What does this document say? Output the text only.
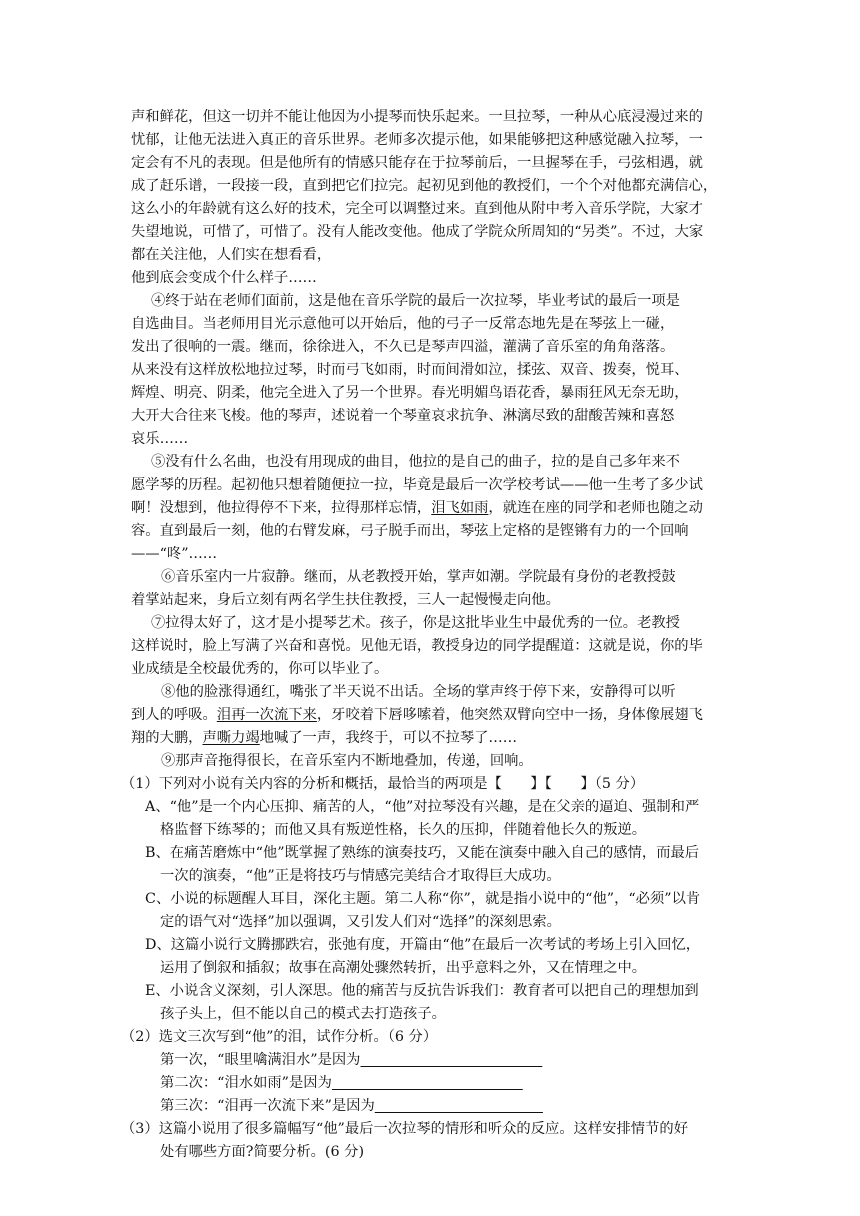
声和鲜花，但这一切并不能让他因为小提琴而快乐起来。一旦拉琴，一种从心底浸漫过来的
忧郁，让他无法进入真正的音乐世界。老师多次提示他，如果能够把这种感觉融入拉琴，一
定会有不凡的表现。但是他所有的情感只能存在于拉琴前后，一旦握琴在手，弓弦相遇，就
成了赶乐谱，一段接一段，直到把它们拉完。起初见到他的教授们，一个个对他都充满信心，
这么小的年龄就有这么好的技术，完全可以调整过来。直到他从附中考入音乐学院，大家才
失望地说，可惜了，可惜了。没有人能改变他。他成了学院众所周知的“另类”。不过，大家
都在关注他，人们实在想看看，
他到底会变成个什么样子……
④终于站在老师们面前，这是他在音乐学院的最后一次拉琴，毕业考试的最后一项是
自选曲目。当老师用目光示意他可以开始后，他的弓子一反常态地先是在琴弦上一碰，
发出了很响的一震。继而，徐徐进入，不久已是琴声四溢，灌满了音乐室的角角落落。
从来没有这样放松地拉过琴，时而弓飞如雨，时而间滑如泣，揉弦、双音、拨奏，悦耳、
辉煌、明亮、阴柔，他完全进入了另一个世界。春光明媚鸟语花香，暴雨狂风无奈无助，
大开大合往来飞梭。他的琴声，述说着一个琴童哀求抗争、淋漓尽致的甜酸苦辣和喜怒
哀乐……
⑤没有什么名曲，也没有用现成的曲目，他拉的是自己的曲子，拉的是自己多年来不
愿学琴的历程。起初他只想着随便拉一拉，毕竟是最后一次学校考试——他一生考了多少试
啊！没想到，他拉得停不下来，拉得那样忘情，泪飞如雨，就连在座的同学和老师也随之动
容。直到最后一刻，他的右臂发麻，弓子脱手而出，琴弦上定格的是铿锵有力的一个回响
——“咚”……
⑥音乐室内一片寂静。继而，从老教授开始，掌声如潮。学院最有身份的老教授鼓
着掌站起来，身后立刻有两名学生扶住教授，三人一起慢慢走向他。
⑦拉得太好了，这才是小提琴艺术。孩子，你是这批毕业生中最优秀的一位。老教授
这样说时，脸上写满了兴奋和喜悦。见他无语，教授身边的同学提醒道：这就是说，你的毕
业成绩是全校最优秀的，你可以毕业了。
⑧他的脸涨得通红，嘴张了半天说不出话。全场的掌声终于停下来，安静得可以听
到人的呼吸。泪再一次流下来，牙咬着下唇哆嗦着，他突然双臂向空中一扬，身体像展翅飞
翔的大鹏，声嘶力竭地喊了一声，我终于，可以不拉琴了……
⑨那声音拖得很长，在音乐室内不断地叠加，传递，回响。
（1）下列对小说有关内容的分析和概括，最恰当的两项是【　　】【　　】（5 分）
A、“他”是一个内心压抑、痛苦的人，“他”对拉琴没有兴趣，是在父亲的逼迫、强制和严
格监督下练琴的；而他又具有叛逆性格，长久的压抑，伴随着他长久的叛逆。
B、在痛苦磨炼中“他”既掌握了熟练的演奏技巧，又能在演奏中融入自己的感情，而最后
一次的演奏，“他”正是将技巧与情感完美结合才取得巨大成功。
C、小说的标题醒人耳目，深化主题。第二人称“你”，就是指小说中的“他”，“必须”以肯
定的语气对“选择”加以强调，又引发人们对“选择”的深刻思索。
D、这篇小说行文腾挪跌宕，张弛有度，开篇由“他”在最后一次考试的考场上引入回忆，
运用了倒叙和插叙；故事在高潮处骤然转折，出乎意料之外，又在情理之中。
E、小说含义深刻，引人深思。他的痛苦与反抗告诉我们：教育者可以把自己的理想加到
孩子头上，但不能以自己的模式去打造孩子。
（2）选文三次写到“他”的泪，试作分析。（6 分）
第一次，“眼里噙满泪水”是因为
第二次：“泪水如雨”是因为
第三次：“泪再一次流下来”是因为
（3）这篇小说用了很多篇幅写“他”最后一次拉琴的情形和听众的反应。这样安排情节的好
处有哪些方面?简要分析。(6 分)
